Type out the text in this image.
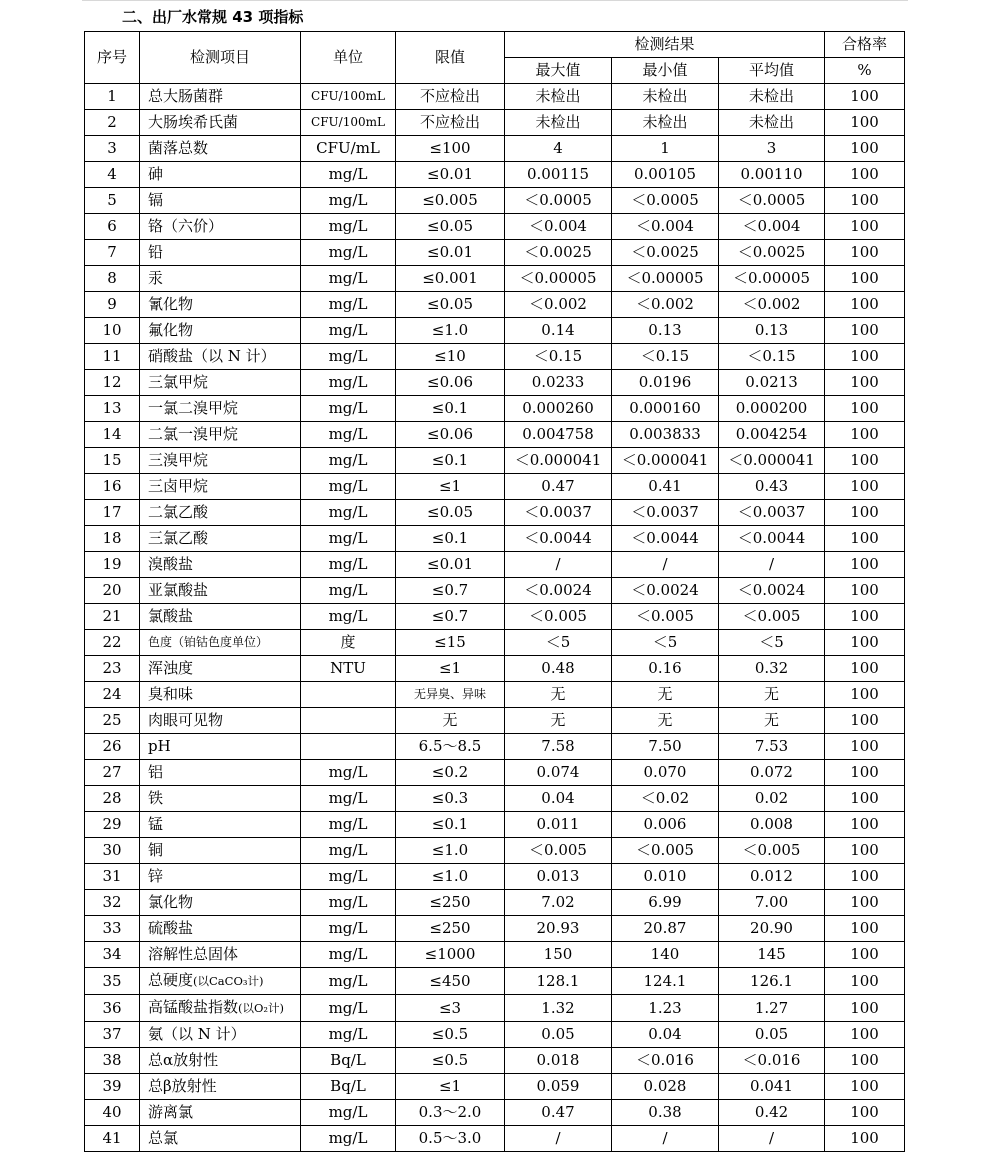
二、出厂水常规 43 项指标
序号	检测项目	单位	限值	检测结果			合格率
				最大值	最小值	平均值	%
1	总大肠菌群	CFU/100mL	不应检出	未检出	未检出	未检出	100
2	大肠埃希氏菌	CFU/100mL	不应检出	未检出	未检出	未检出	100
3	菌落总数	CFU/mL	≤100	4	1	3	100
4	砷	mg/L	≤0.01	0.00115	0.00105	0.00110	100
5	镉	mg/L	≤0.005	＜0.0005	＜0.0005	＜0.0005	100
6	铬（六价）	mg/L	≤0.05	＜0.004	＜0.004	＜0.004	100
7	铅	mg/L	≤0.01	＜0.0025	＜0.0025	＜0.0025	100
8	汞	mg/L	≤0.001	＜0.00005	＜0.00005	＜0.00005	100
9	氰化物	mg/L	≤0.05	＜0.002	＜0.002	＜0.002	100
10	氟化物	mg/L	≤1.0	0.14	0.13	0.13	100
11	硝酸盐（以 N 计）	mg/L	≤10	＜0.15	＜0.15	＜0.15	100
12	三氯甲烷	mg/L	≤0.06	0.0233	0.0196	0.0213	100
13	一氯二溴甲烷	mg/L	≤0.1	0.000260	0.000160	0.000200	100
14	二氯一溴甲烷	mg/L	≤0.06	0.004758	0.003833	0.004254	100
15	三溴甲烷	mg/L	≤0.1	＜0.000041	＜0.000041	＜0.000041	100
16	三卤甲烷	mg/L	≤1	0.47	0.41	0.43	100
17	二氯乙酸	mg/L	≤0.05	＜0.0037	＜0.0037	＜0.0037	100
18	三氯乙酸	mg/L	≤0.1	＜0.0044	＜0.0044	＜0.0044	100
19	溴酸盐	mg/L	≤0.01	/	/	/	100
20	亚氯酸盐	mg/L	≤0.7	＜0.0024	＜0.0024	＜0.0024	100
21	氯酸盐	mg/L	≤0.7	＜0.005	＜0.005	＜0.005	100
22	色度（铂钴色度单位）	度	≤15	＜5	＜5	＜5	100
23	浑浊度	NTU	≤1	0.48	0.16	0.32	100
24	臭和味		无异臭、异味	无	无	无	100
25	肉眼可见物		无	无	无	无	100
26	pH		6.5～8.5	7.58	7.50	7.53	100
27	铝	mg/L	≤0.2	0.074	0.070	0.072	100
28	铁	mg/L	≤0.3	0.04	＜0.02	0.02	100
29	锰	mg/L	≤0.1	0.011	0.006	0.008	100
30	铜	mg/L	≤1.0	＜0.005	＜0.005	＜0.005	100
31	锌	mg/L	≤1.0	0.013	0.010	0.012	100
32	氯化物	mg/L	≤250	7.02	6.99	7.00	100
33	硫酸盐	mg/L	≤250	20.93	20.87	20.90	100
34	溶解性总固体	mg/L	≤1000	150	140	145	100
35	总硬度(以CaCO₃计)	mg/L	≤450	128.1	124.1	126.1	100
36	高锰酸盐指数(以O₂计)	mg/L	≤3	1.32	1.23	1.27	100
37	氨（以 N 计）	mg/L	≤0.5	0.05	0.04	0.05	100
38	总α放射性	Bq/L	≤0.5	0.018	＜0.016	＜0.016	100
39	总β放射性	Bq/L	≤1	0.059	0.028	0.041	100
40	游离氯	mg/L	0.3～2.0	0.47	0.38	0.42	100
41	总氯	mg/L	0.5～3.0	/	/	/	100
